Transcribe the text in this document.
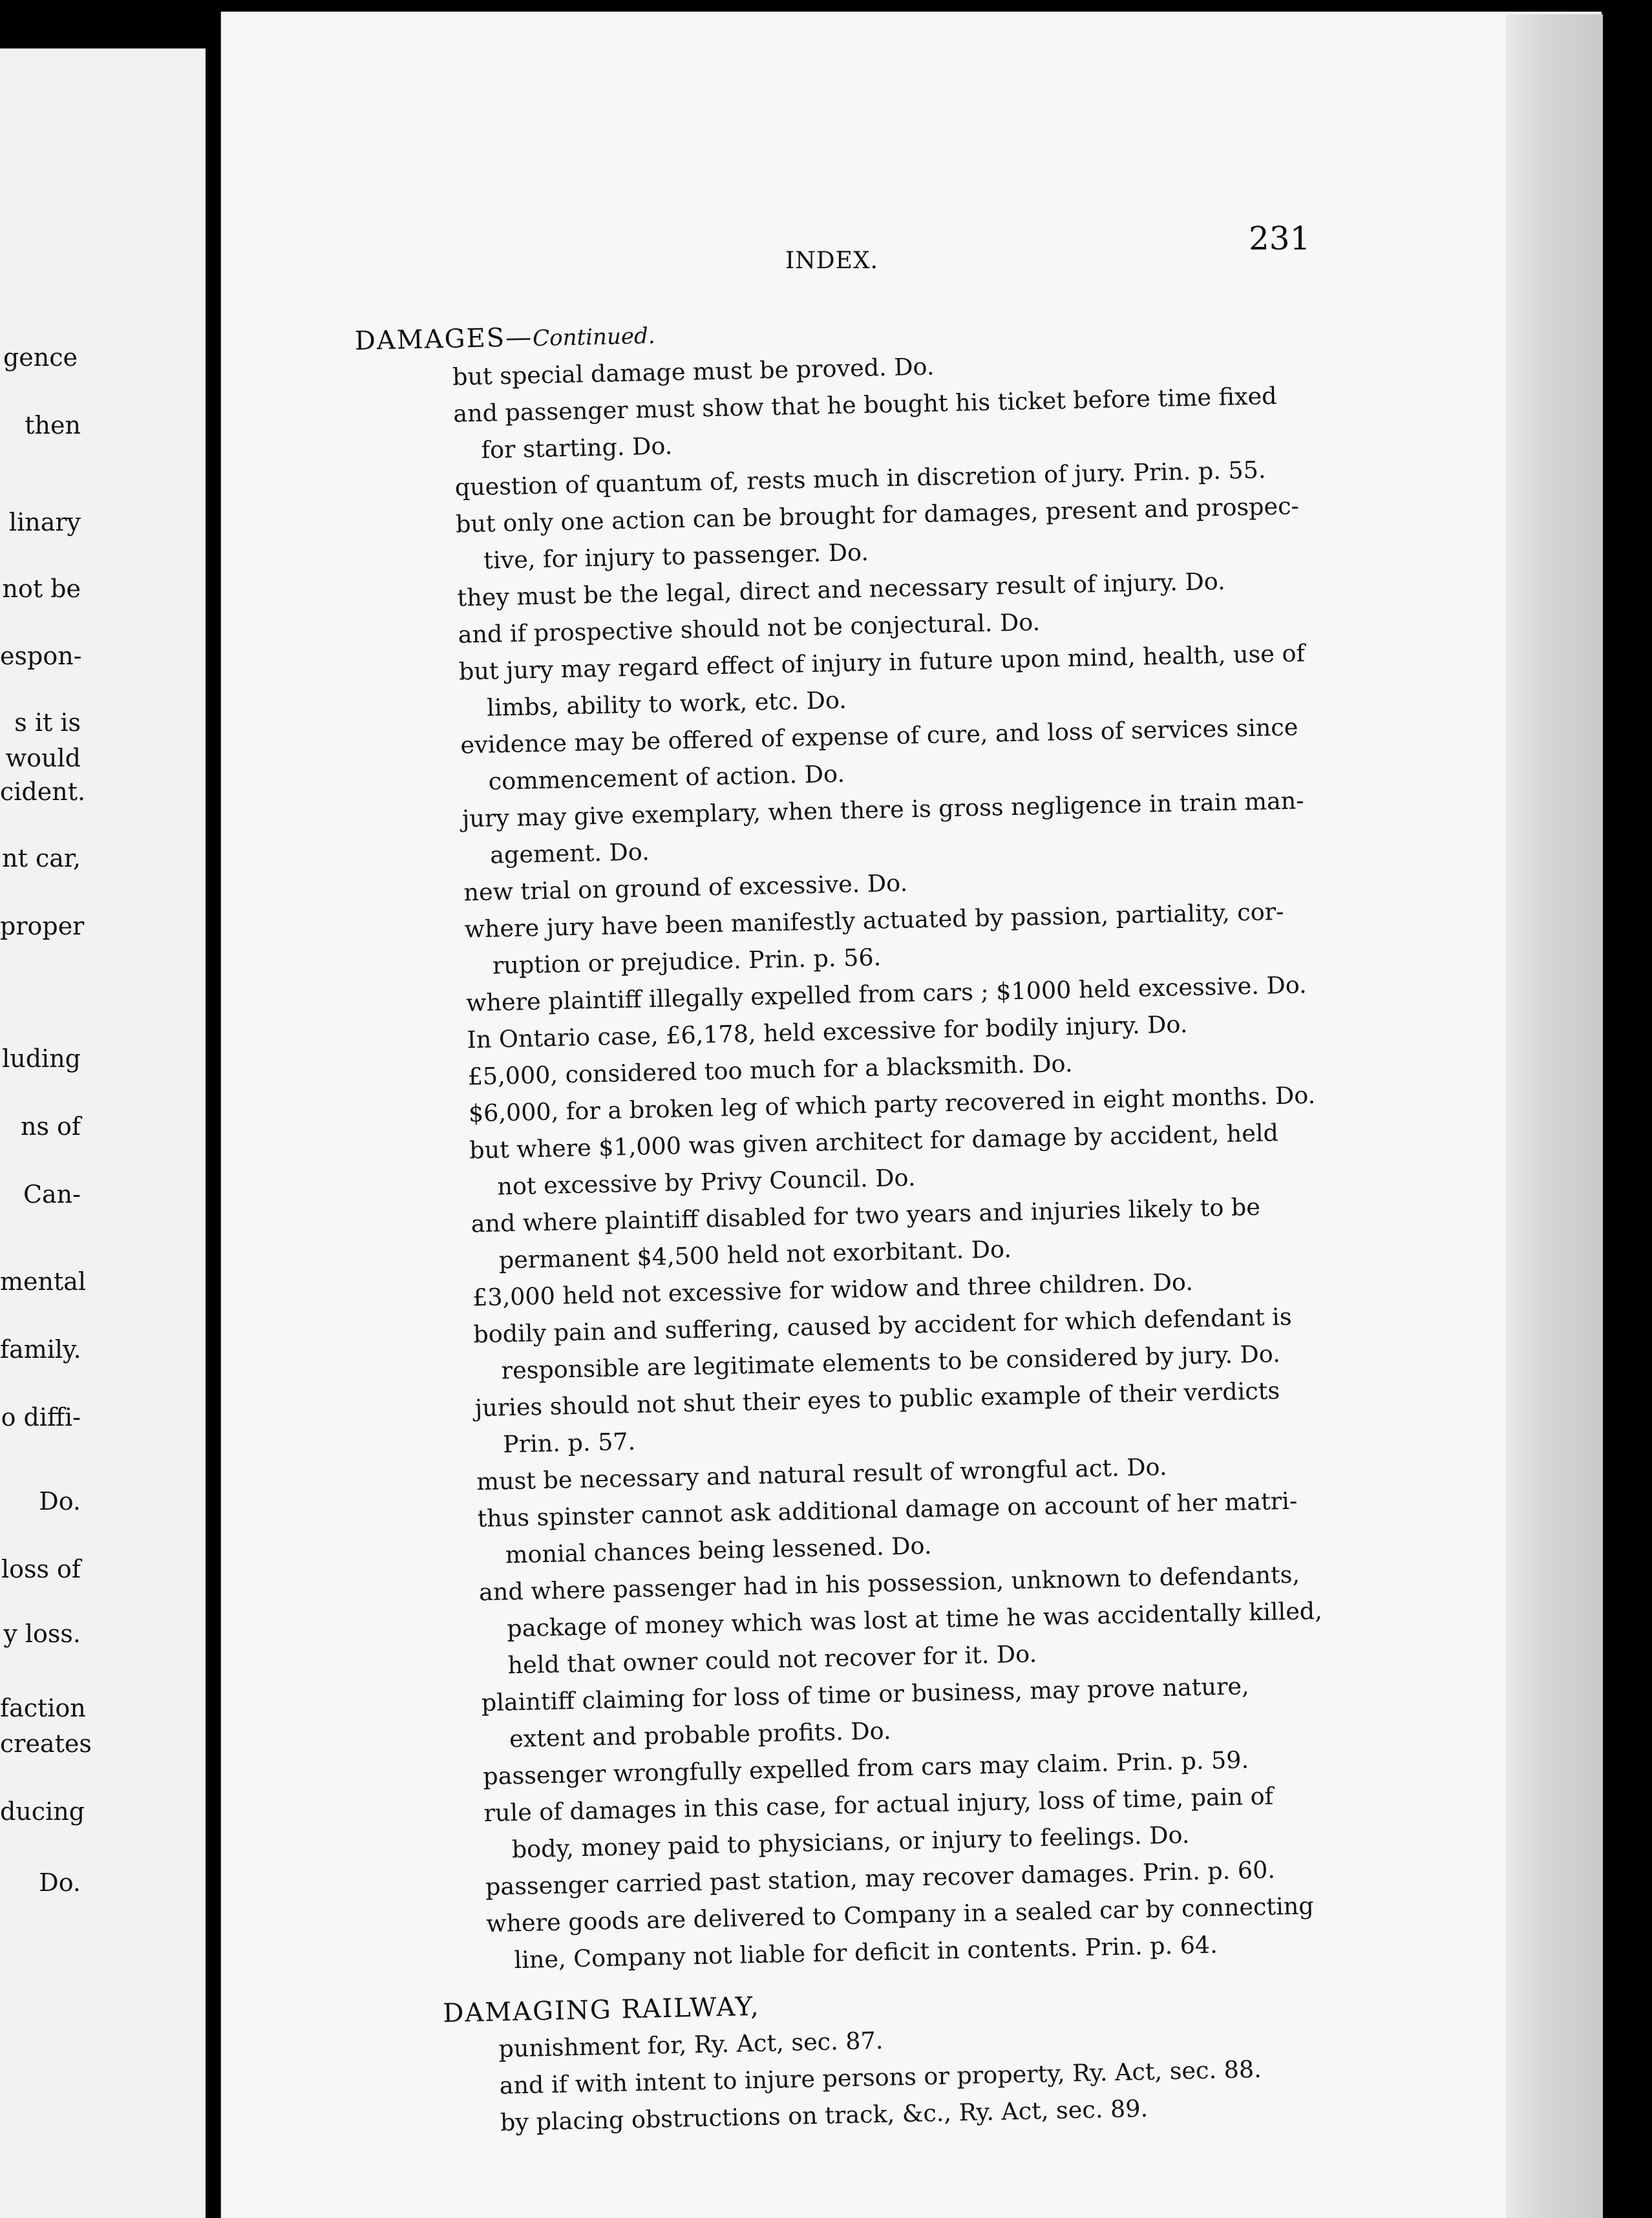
gence
then
linary
not be
espon-
s it is
would
cident.
nt car,
proper
luding
ns of
Can-
mental
family.
o diffi-
Do.
loss of
y loss.
faction
creates
ducing
Do.
INDEX.
231
DAMAGES—Continued.
but special damage must be proved. Do.
and passenger must show that he bought his ticket before time fixed
for starting. Do.
question of quantum of, rests much in discretion of jury. Prin. p. 55.
but only one action can be brought for damages, present and prospec-
tive, for injury to passenger. Do.
they must be the legal, direct and necessary result of injury. Do.
and if prospective should not be conjectural. Do.
but jury may regard effect of injury in future upon mind, health, use of
limbs, ability to work, etc. Do.
evidence may be offered of expense of cure, and loss of services since
commencement of action. Do.
jury may give exemplary, when there is gross negligence in train man-
agement. Do.
new trial on ground of excessive. Do.
where jury have been manifestly actuated by passion, partiality, cor-
ruption or prejudice. Prin. p. 56.
where plaintiff illegally expelled from cars ; $1000 held excessive. Do.
In Ontario case, £6,178, held excessive for bodily injury. Do.
£5,000, considered too much for a blacksmith. Do.
$6,000, for a broken leg of which party recovered in eight months. Do.
but where $1,000 was given architect for damage by accident, held
not excessive by Privy Council. Do.
and where plaintiff disabled for two years and injuries likely to be
permanent $4,500 held not exorbitant. Do.
£3,000 held not excessive for widow and three children. Do.
bodily pain and suffering, caused by accident for which defendant is
responsible are legitimate elements to be considered by jury. Do.
juries should not shut their eyes to public example of their verdicts
Prin. p. 57.
must be necessary and natural result of wrongful act. Do.
thus spinster cannot ask additional damage on account of her matri-
monial chances being lessened. Do.
and where passenger had in his possession, unknown to defendants,
package of money which was lost at time he was accidentally killed,
held that owner could not recover for it. Do.
plaintiff claiming for loss of time or business, may prove nature,
extent and probable profits. Do.
passenger wrongfully expelled from cars may claim. Prin. p. 59.
rule of damages in this case, for actual injury, loss of time, pain of
body, money paid to physicians, or injury to feelings. Do.
passenger carried past station, may recover damages. Prin. p. 60.
where goods are delivered to Company in a sealed car by connecting
line, Company not liable for deficit in contents. Prin. p. 64.
DAMAGING RAILWAY,
punishment for, Ry. Act, sec. 87.
and if with intent to injure persons or property, Ry. Act, sec. 88.
by placing obstructions on track, &c., Ry. Act, sec. 89.
